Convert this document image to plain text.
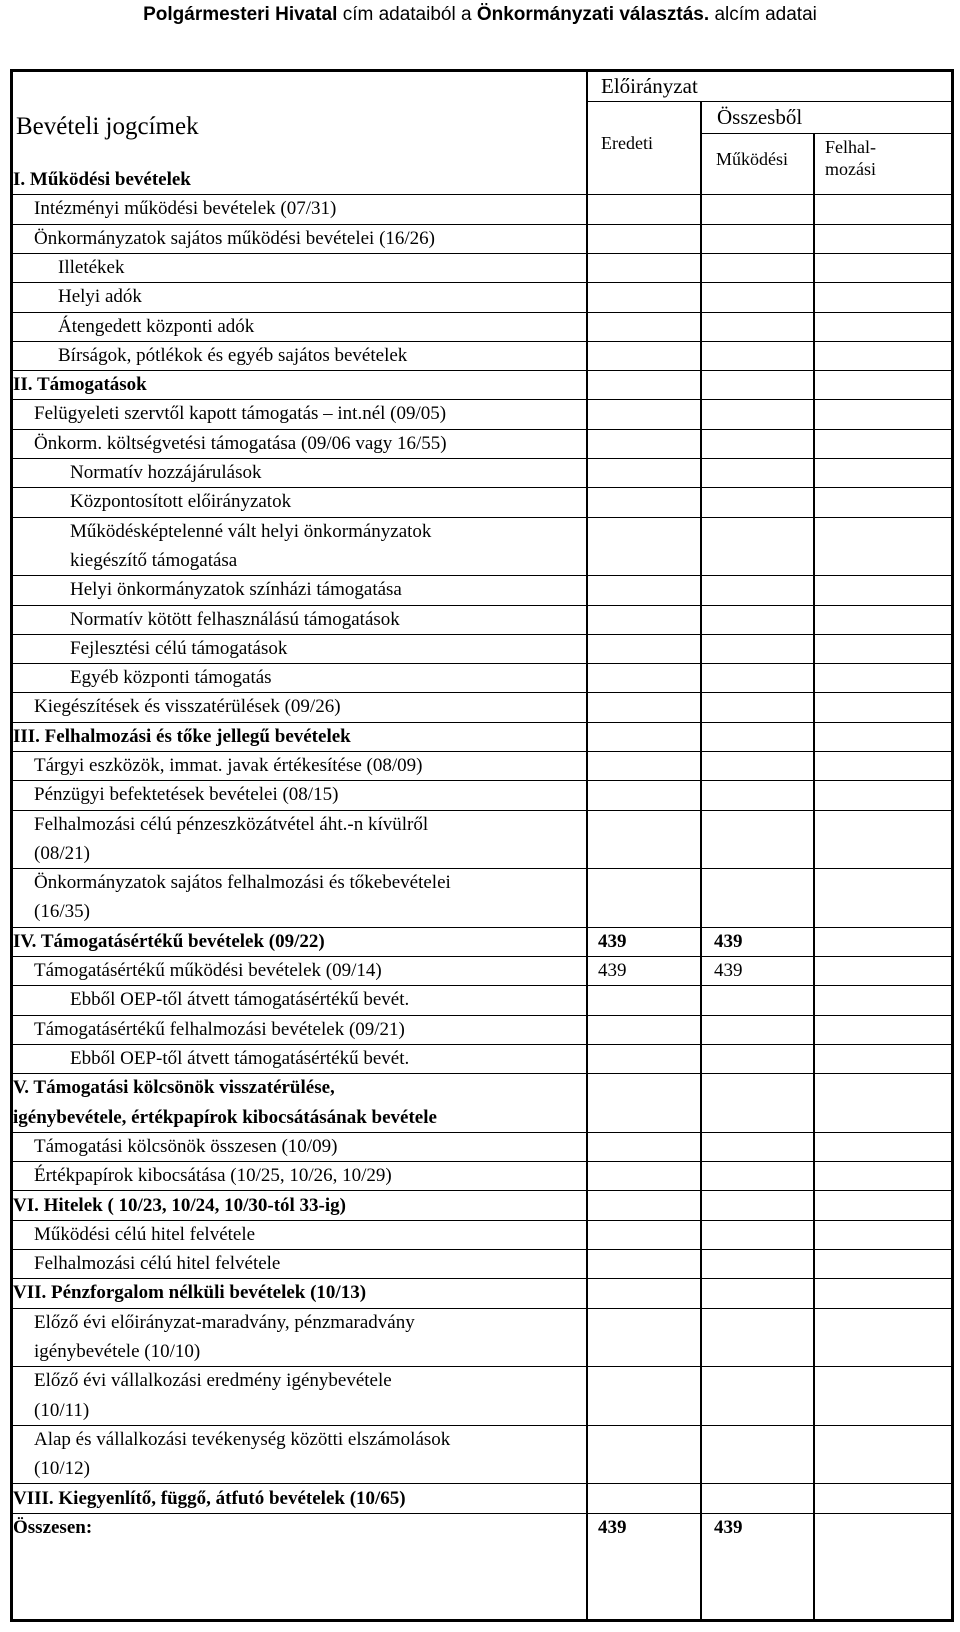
Polgármesteri Hivatal cím adataiból a Önkormányzati választás. alcím adatai
Bevételi jogcímek
Előirányzat
Összesből
Eredeti
Működési
Felhal-
mozási
I. Működési bevételek
Intézményi működési bevételek (07/31)
Önkormányzatok sajátos működési bevételei (16/26)
Illetékek
Helyi adók
Átengedett központi adók
Bírságok, pótlékok és egyéb sajátos bevételek
II. Támogatások
Felügyeleti szervtől kapott támogatás – int.nél (09/05)
Önkorm. költségvetési támogatása (09/06 vagy 16/55)
Normatív hozzájárulások
Központosított előirányzatok
Működésképtelenné vált helyi önkormányzatok
kiegészítő támogatása
Helyi önkormányzatok színházi támogatása
Normatív kötött felhasználású támogatások
Fejlesztési célú támogatások
Egyéb központi támogatás
Kiegészítések és visszatérülések (09/26)
III. Felhalmozási és tőke jellegű bevételek
Tárgyi eszközök, immat. javak értékesítése (08/09)
Pénzügyi befektetések bevételei (08/15)
Felhalmozási célú pénzeszközátvétel áht.-n kívülről
(08/21)
Önkormányzatok sajátos felhalmozási és tőkebevételei
(16/35)
IV. Támogatásértékű bevételek (09/22)	439	439
Támogatásértékű működési bevételek (09/14)	439	439
Ebből OEP-től átvett támogatásértékű bevét.
Támogatásértékű felhalmozási bevételek (09/21)
Ebből OEP-től átvett támogatásértékű bevét.
V. Támogatási kölcsönök visszatérülése,
igénybevétele, értékpapírok kibocsátásának bevétele
Támogatási kölcsönök összesen (10/09)
Értékpapírok kibocsátása (10/25, 10/26, 10/29)
VI. Hitelek ( 10/23, 10/24, 10/30-tól 33-ig)
Működési célú hitel felvétele
Felhalmozási célú hitel felvétele
VII. Pénzforgalom nélküli bevételek (10/13)
Előző évi előirányzat-maradvány, pénzmaradvány
igénybevétele (10/10)
Előző évi vállalkozási eredmény igénybevétele
(10/11)
Alap és vállalkozási tevékenység közötti elszámolások
(10/12)
VIII. Kiegyenlítő, függő, átfutó bevételek (10/65)
Összesen:	439	439
